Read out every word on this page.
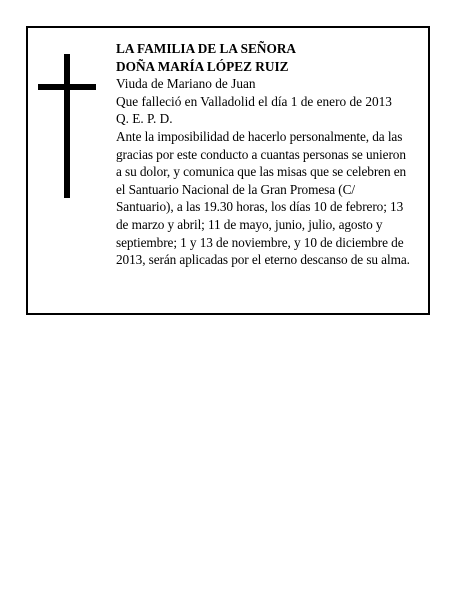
LA FAMILIA DE LA SEÑORA
DOÑA MARÍA LÓPEZ RUIZ
Viuda de Mariano de Juan
Que falleció en Valladolid el día 1 de enero de 2013
Q. E. P. D.
Ante la imposibilidad de hacerlo personalmente, da las
gracias por este conducto a cuantas personas se unieron
a su dolor, y comunica que las misas que se celebren en
el Santuario Nacional de la Gran Promesa (C/
Santuario), a las 19.30 horas, los días 10 de febrero; 13
de marzo y abril; 11 de mayo, junio, julio, agosto y
septiembre; 1 y 13 de noviembre, y 10 de diciembre de
2013, serán aplicadas por el eterno descanso de su alma.
